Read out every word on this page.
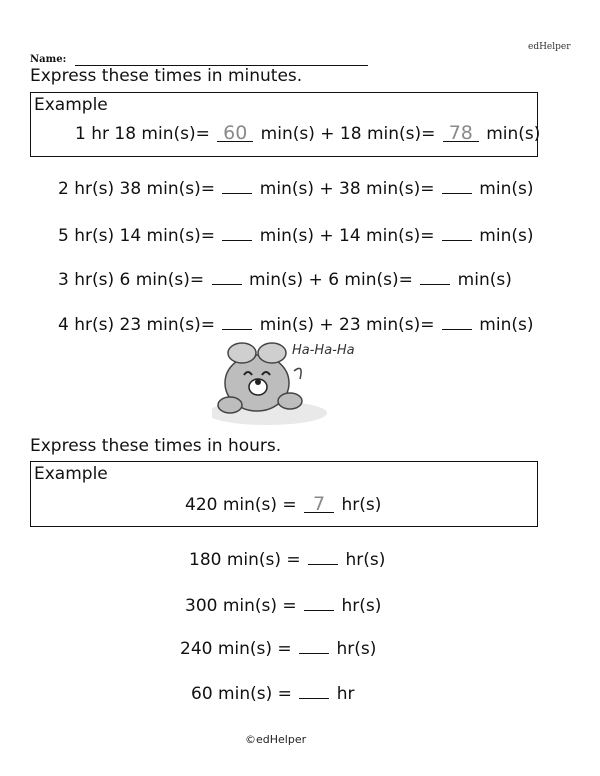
edHelper
Name:
Express these times in minutes.
Example
1 hr 18 min(s)= 60 min(s) + 18 min(s)= 78 min(s)
2 hr(s) 38 min(s)=	min(s) + 38 min(s)=	min(s)
5 hr(s) 14 min(s)=	min(s) + 14 min(s)=	min(s)
3 hr(s) 6 min(s)=	min(s) + 6 min(s)=	min(s)
4 hr(s) 23 min(s)=	min(s) + 23 min(s)=	min(s)
Ha-Ha-Ha
Express these times in hours.
Example
420 min(s) = 7 hr(s)
180 min(s) =	hr(s)
300 min(s) =	hr(s)
240 min(s) =	hr(s)
60 min(s) =	hr
©edHelper
